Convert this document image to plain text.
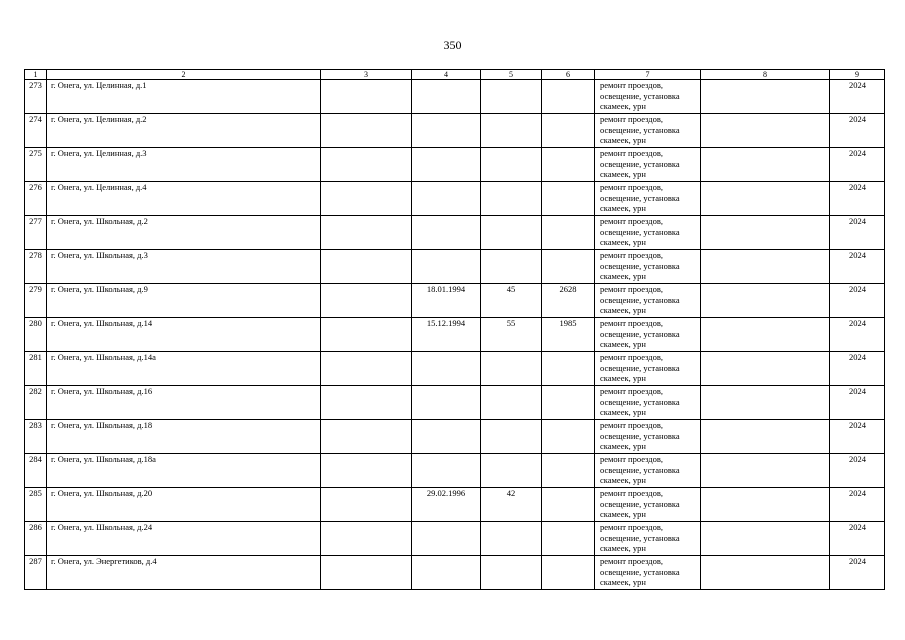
350
1	2	3	4	5	6	7	8	9
273	г. Онега, ул. Целинная, д.1					ремонт проездов, освещение, установка скамеек, урн		2024
274	г. Онега, ул. Целинная, д.2					ремонт проездов, освещение, установка скамеек, урн		2024
275	г. Онега, ул. Целинная, д.3					ремонт проездов, освещение, установка скамеек, урн		2024
276	г. Онега, ул. Целинная, д.4					ремонт проездов, освещение, установка скамеек, урн		2024
277	г. Онега, ул. Школьная, д.2					ремонт проездов, освещение, установка скамеек, урн		2024
278	г. Онега, ул. Школьная, д.3					ремонт проездов, освещение, установка скамеек, урн		2024
279	г. Онега, ул. Школьная, д.9		18.01.1994	45	2628	ремонт проездов, освещение, установка скамеек, урн		2024
280	г. Онега, ул. Школьная, д.14		15.12.1994	55	1985	ремонт проездов, освещение, установка скамеек, урн		2024
281	г. Онега, ул. Школьная, д.14а					ремонт проездов, освещение, установка скамеек, урн		2024
282	г. Онега, ул. Школьная, д.16					ремонт проездов, освещение, установка скамеек, урн		2024
283	г. Онега, ул. Школьная, д.18					ремонт проездов, освещение, установка скамеек, урн		2024
284	г. Онега, ул. Школьная, д.18а					ремонт проездов, освещение, установка скамеек, урн		2024
285	г. Онега, ул. Школьная, д.20		29.02.1996	42		ремонт проездов, освещение, установка скамеек, урн		2024
286	г. Онега, ул. Школьная, д.24					ремонт проездов, освещение, установка скамеек, урн		2024
287	г. Онега, ул. Энергетиков, д.4					ремонт проездов, освещение, установка скамеек, урн		2024
